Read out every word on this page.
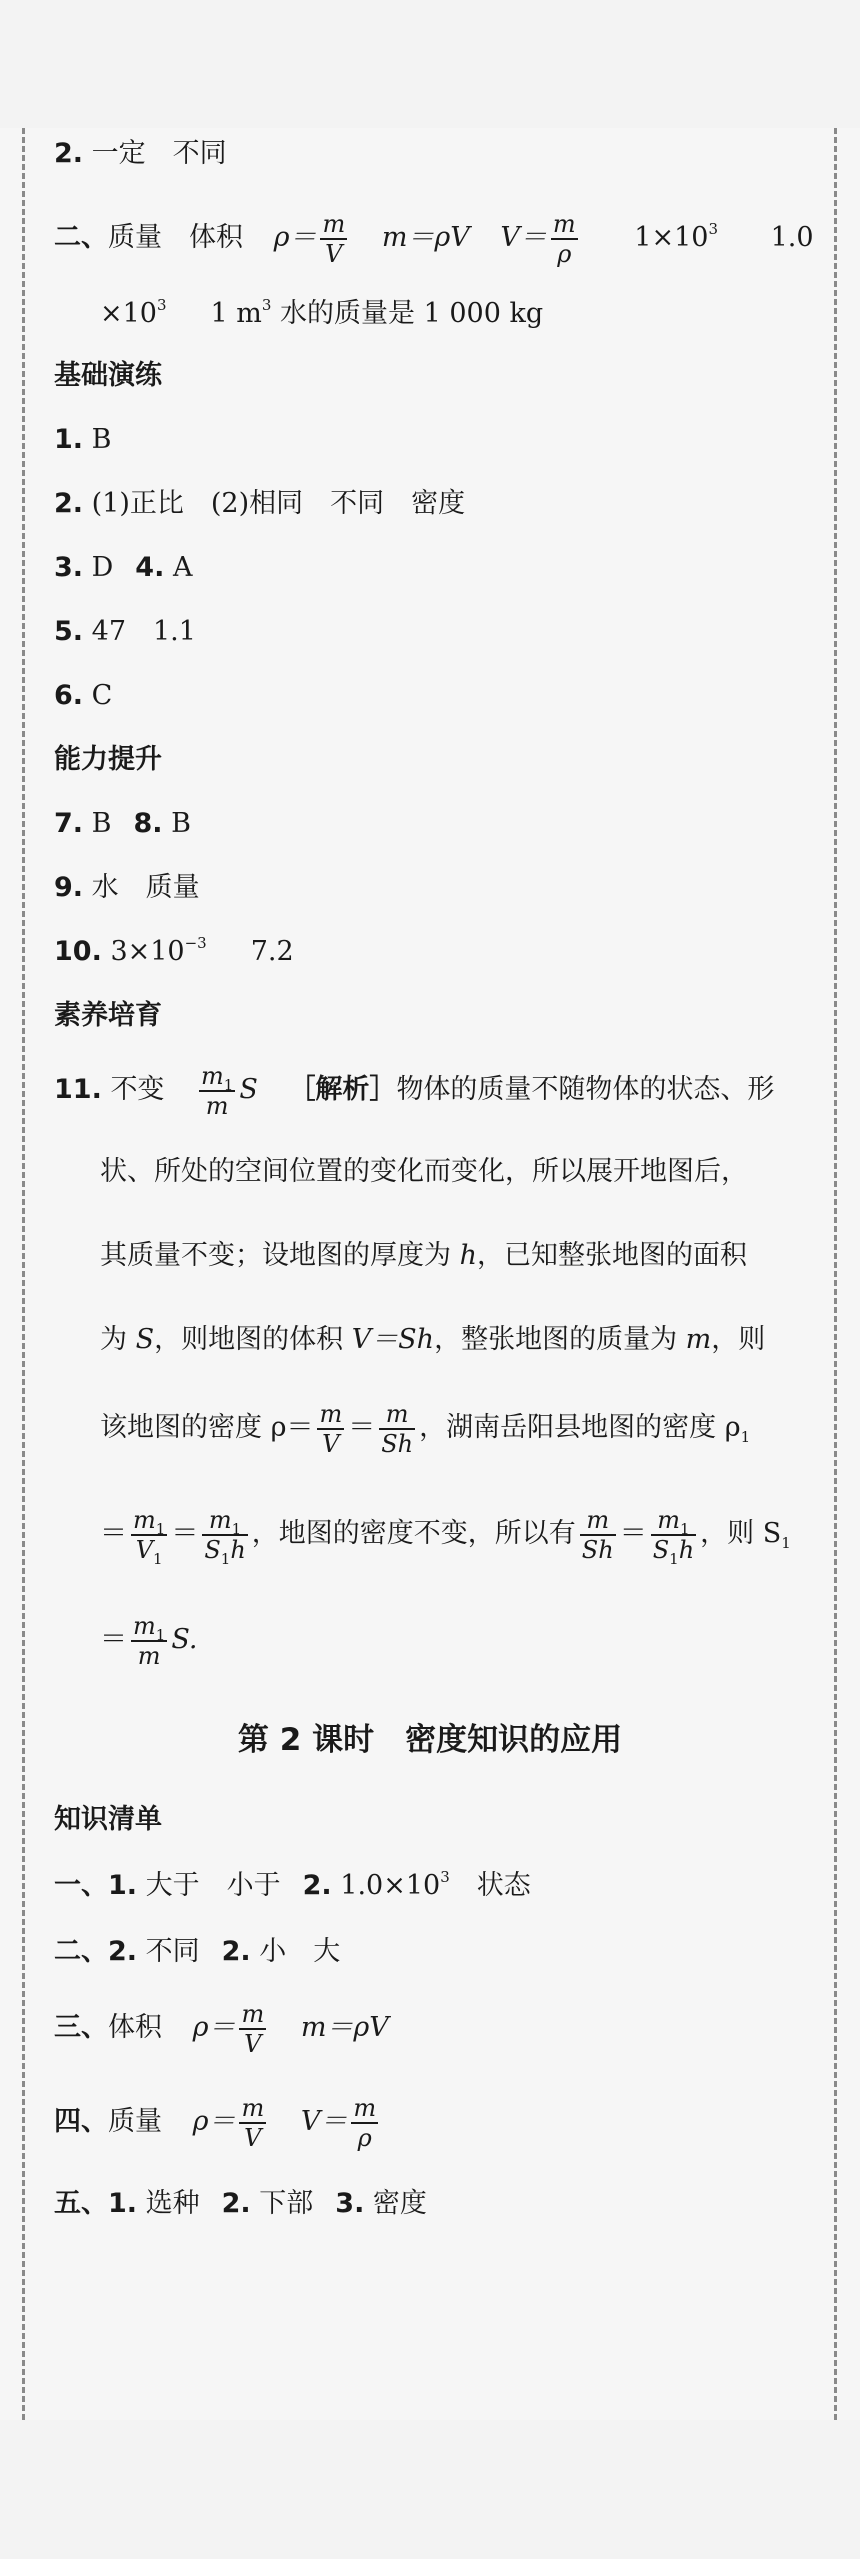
2. 一定　不同
二、质量　体积 $\rho= \frac{m}{V} m=\rho V$ $V= \frac{m}{\rho} 1\times 10^3$ 1.0
$\times 10^3$ 1 $m^3$ 水的质量是 1 000 kg
基础演练
1. B
2. (1)正比　(2)相同　不同　密度
3. D 4. A
5. 47　1.1
6. C
能力提升
7. B 8. B
9. 水　质量
10. $3\times 10^{-3}$ 7.2
素养培育
11. 不变 $\frac{m_1}{m}$ S ［解析］物体的质量不随物体的状态、形
状、所处的空间位置的变化而变化，所以展开地图后，
其质量不变；设地图的厚度为 h，已知整张地图的面积
为 S，则地图的体积 V＝Sh，整张地图的质量为 m，则
该地图的密度 $\rho= \frac{m}{V} = \frac{m}{Sh}$ ，湖南岳阳县地图的密度 $\rho_1$
＝ $\frac{m_1}{V_1} = \frac{m_1}{S_1h}$ ，地图的密度不变，所以有 $\frac{m}{Sh} = \frac{m_1}{S_1h}$ ，则 $S_1$
＝ $\frac{m_1}{m} S$.
第 2 课时　密度知识的应用
知识清单
一、1. 大于　小于 2. $1.0\times 10^3$　状态
二、2. 不同 2. 小　大
三、体积 $\rho= \frac{m}{V} m=\rho V$
四、质量 $\rho= \frac{m}{V} V= \frac{m}{\rho}$
五、1. 选种 2. 下部 3. 密度
